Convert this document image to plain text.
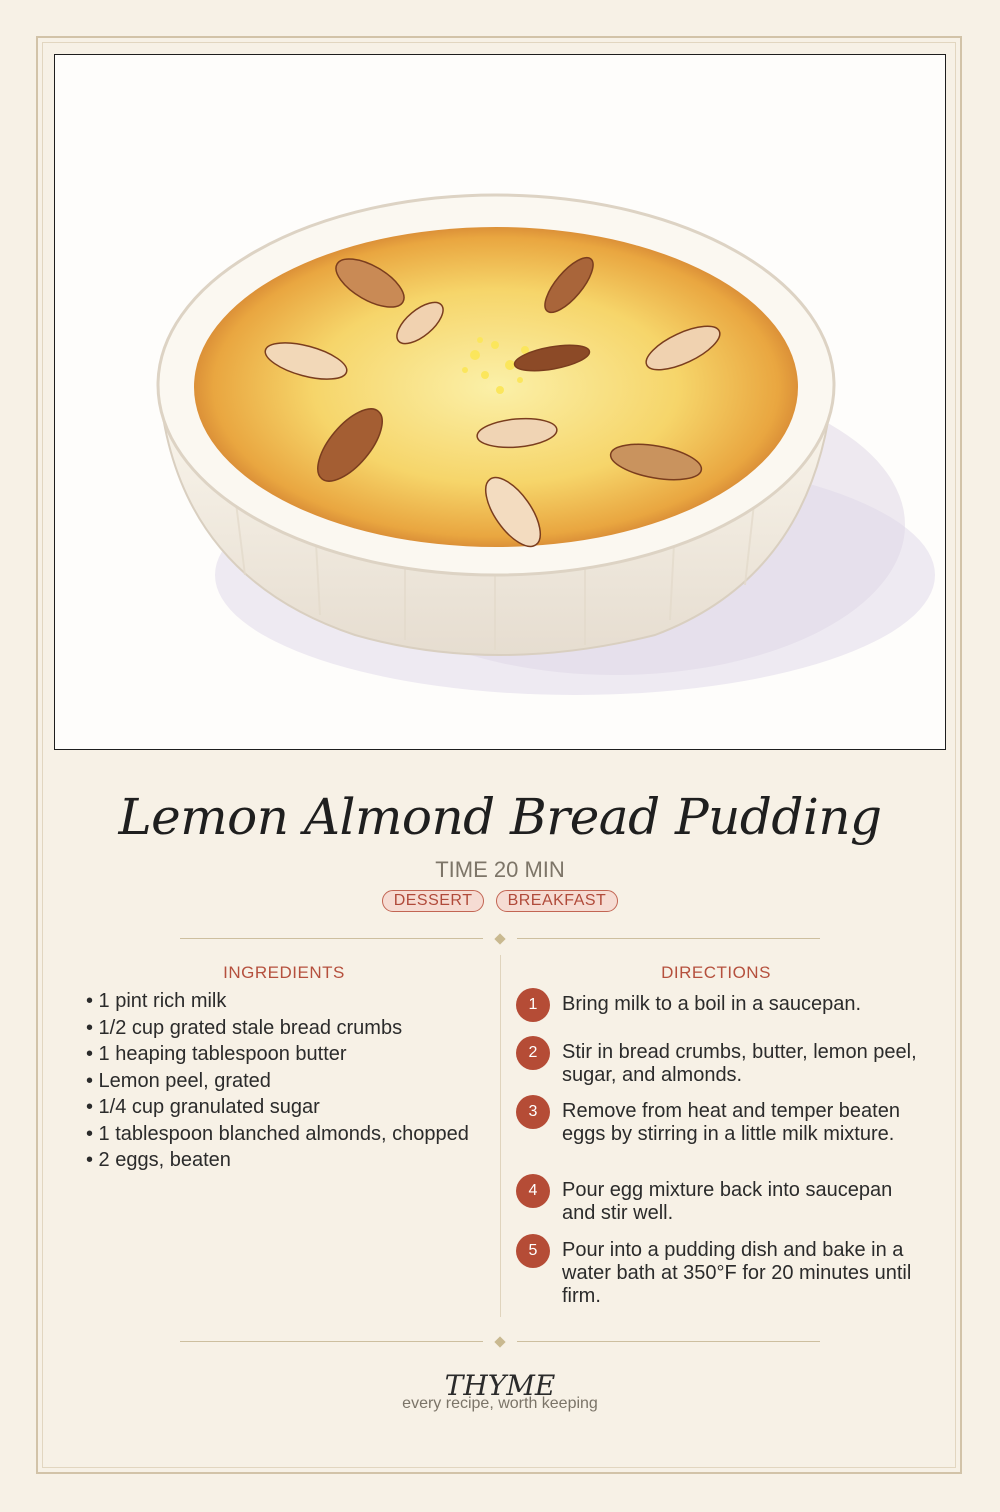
Lemon Almond Bread Pudding
TIME 20 MIN
DESSERT BREAKFAST
INGREDIENTS
• 1 pint rich milk
• 1/2 cup grated stale bread crumbs
• 1 heaping tablespoon butter
• Lemon peel, grated
• 1/4 cup granulated sugar
• 1 tablespoon blanched almonds, chopped
• 2 eggs, beaten
DIRECTIONS
1	Bring milk to a boil in a saucepan.
2	Stir in bread crumbs, butter, lemon peel, sugar, and almonds.
3	Remove from heat and temper beaten eggs by stirring in a little milk mixture.
4	Pour egg mixture back into saucepan and stir well.
5	Pour into a pudding dish and bake in a water bath at 350°F for 20 minutes until firm.
THYME
every recipe, worth keeping
